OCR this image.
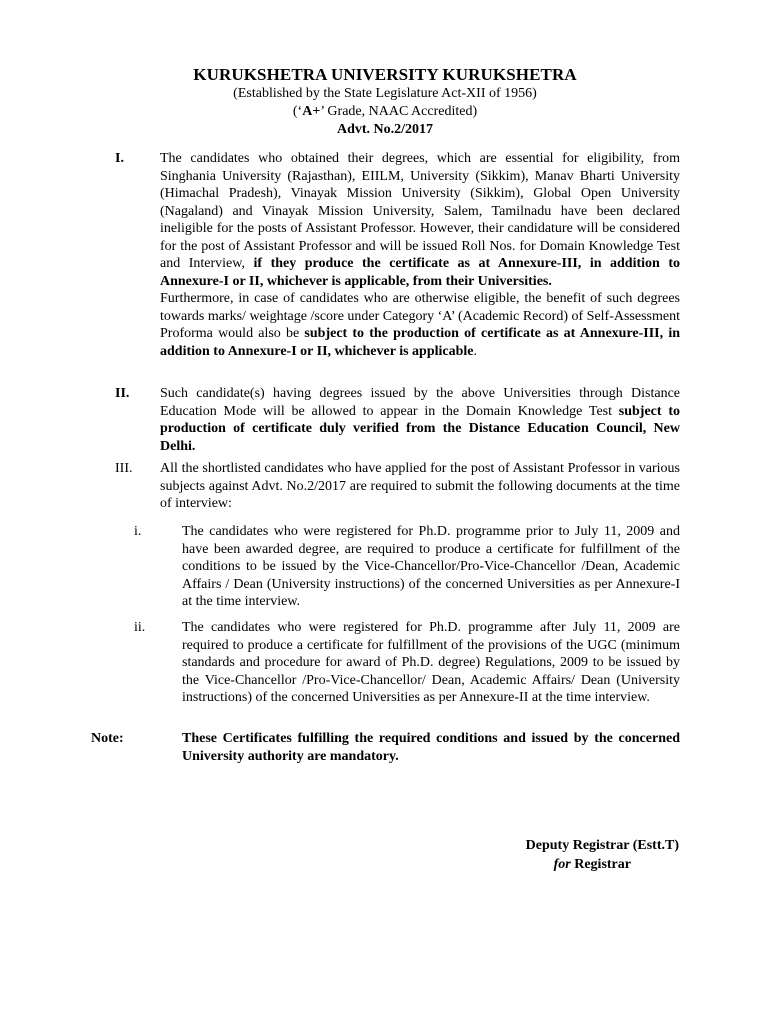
KURUKSHETRA UNIVERSITY KURUKSHETRA
(Established by the State Legislature Act-XII of 1956)
(‘A+’ Grade, NAAC Accredited)
Advt. No.2/2017
I.	The candidates who obtained their degrees, which are essential for eligibility, from Singhania University (Rajasthan), EIILM, University (Sikkim), Manav Bharti University (Himachal Pradesh), Vinayak Mission University (Sikkim), Global Open University (Nagaland) and Vinayak Mission University, Salem, Tamilnadu have been declared ineligible for the posts of Assistant Professor. However, their candidature will be considered for the post of Assistant Professor and will be issued Roll Nos. for Domain Knowledge Test and Interview, if they produce the certificate as at Annexure-III, in addition to Annexure-I or II, whichever is applicable, from their Universities.
Furthermore, in case of candidates who are otherwise eligible, the benefit of such degrees towards marks/ weightage /score under Category ‘A’ (Academic Record) of Self-Assessment Proforma would also be subject to the production of certificate as at Annexure-III, in addition to Annexure-I or II, whichever is applicable.
II. Such candidate(s) having degrees issued by the above Universities through Distance Education Mode will be allowed to appear in the Domain Knowledge Test subject to production of certificate duly verified from the Distance Education Council, New Delhi.
III. All the shortlisted candidates who have applied for the post of Assistant Professor in various subjects against Advt. No.2/2017 are required to submit the following documents at the time of interview:
i.	The candidates who were registered for Ph.D. programme prior to July 11, 2009 and have been awarded degree, are required to produce a certificate for fulfillment of the conditions to be issued by the Vice-Chancellor/Pro-Vice-Chancellor /Dean, Academic Affairs / Dean (University instructions) of the concerned Universities as per Annexure-I at the time interview.
ii.	The candidates who were registered for Ph.D. programme after July 11, 2009 are required to produce a certificate for fulfillment of the provisions of the UGC (minimum standards and procedure for award of Ph.D. degree) Regulations, 2009 to be issued by the Vice-Chancellor /Pro-Vice-Chancellor/ Dean, Academic Affairs/ Dean (University instructions) of the concerned Universities as per Annexure-II at the time interview.
Note:	These Certificates fulfilling the required conditions and issued by the concerned University authority are mandatory.
Deputy Registrar (Estt.T)
for Registrar
